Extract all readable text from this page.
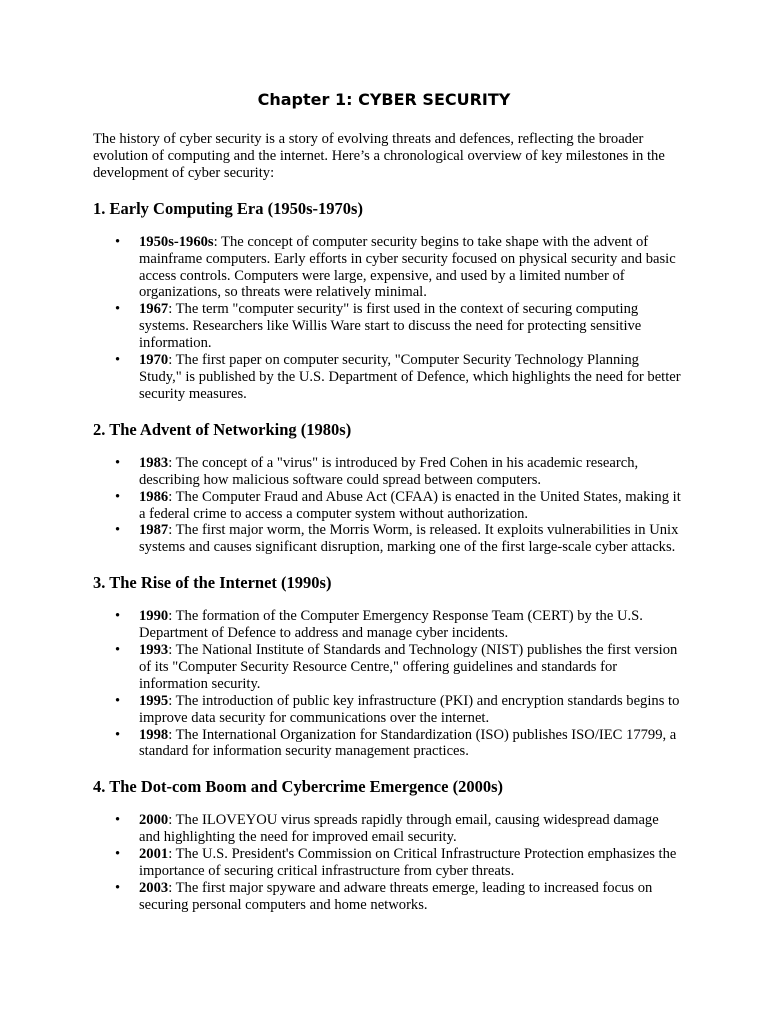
Chapter 1: CYBER SECURITY

The history of cyber security is a story of evolving threats and defences, reflecting the broader evolution of computing and the internet. Here’s a chronological overview of key milestones in the development of cyber security:

1. Early Computing Era (1950s-1970s)
• 1950s-1960s: The concept of computer security begins to take shape with the advent of mainframe computers. Early efforts in cyber security focused on physical security and basic access controls. Computers were large, expensive, and used by a limited number of organizations, so threats were relatively minimal.
• 1967: The term "computer security" is first used in the context of securing computing systems. Researchers like Willis Ware start to discuss the need for protecting sensitive information.
• 1970: The first paper on computer security, "Computer Security Technology Planning Study," is published by the U.S. Department of Defence, which highlights the need for better security measures.
2. The Advent of Networking (1980s)
• 1983: The concept of a "virus" is introduced by Fred Cohen in his academic research, describing how malicious software could spread between computers.
• 1986: The Computer Fraud and Abuse Act (CFAA) is enacted in the United States, making it a federal crime to access a computer system without authorization.
• 1987: The first major worm, the Morris Worm, is released. It exploits vulnerabilities in Unix systems and causes significant disruption, marking one of the first large-scale cyber attacks.
3. The Rise of the Internet (1990s)
• 1990: The formation of the Computer Emergency Response Team (CERT) by the U.S. Department of Defence to address and manage cyber incidents.
• 1993: The National Institute of Standards and Technology (NIST) publishes the first version of its "Computer Security Resource Centre," offering guidelines and standards for information security.
• 1995: The introduction of public key infrastructure (PKI) and encryption standards begins to improve data security for communications over the internet.
• 1998: The International Organization for Standardization (ISO) publishes ISO/IEC 17799, a standard for information security management practices.
4. The Dot-com Boom and Cybercrime Emergence (2000s)
• 2000: The ILOVEYOU virus spreads rapidly through email, causing widespread damage and highlighting the need for improved email security.
• 2001: The U.S. President's Commission on Critical Infrastructure Protection emphasizes the importance of securing critical infrastructure from cyber threats.
• 2003: The first major spyware and adware threats emerge, leading to increased focus on securing personal computers and home networks.
